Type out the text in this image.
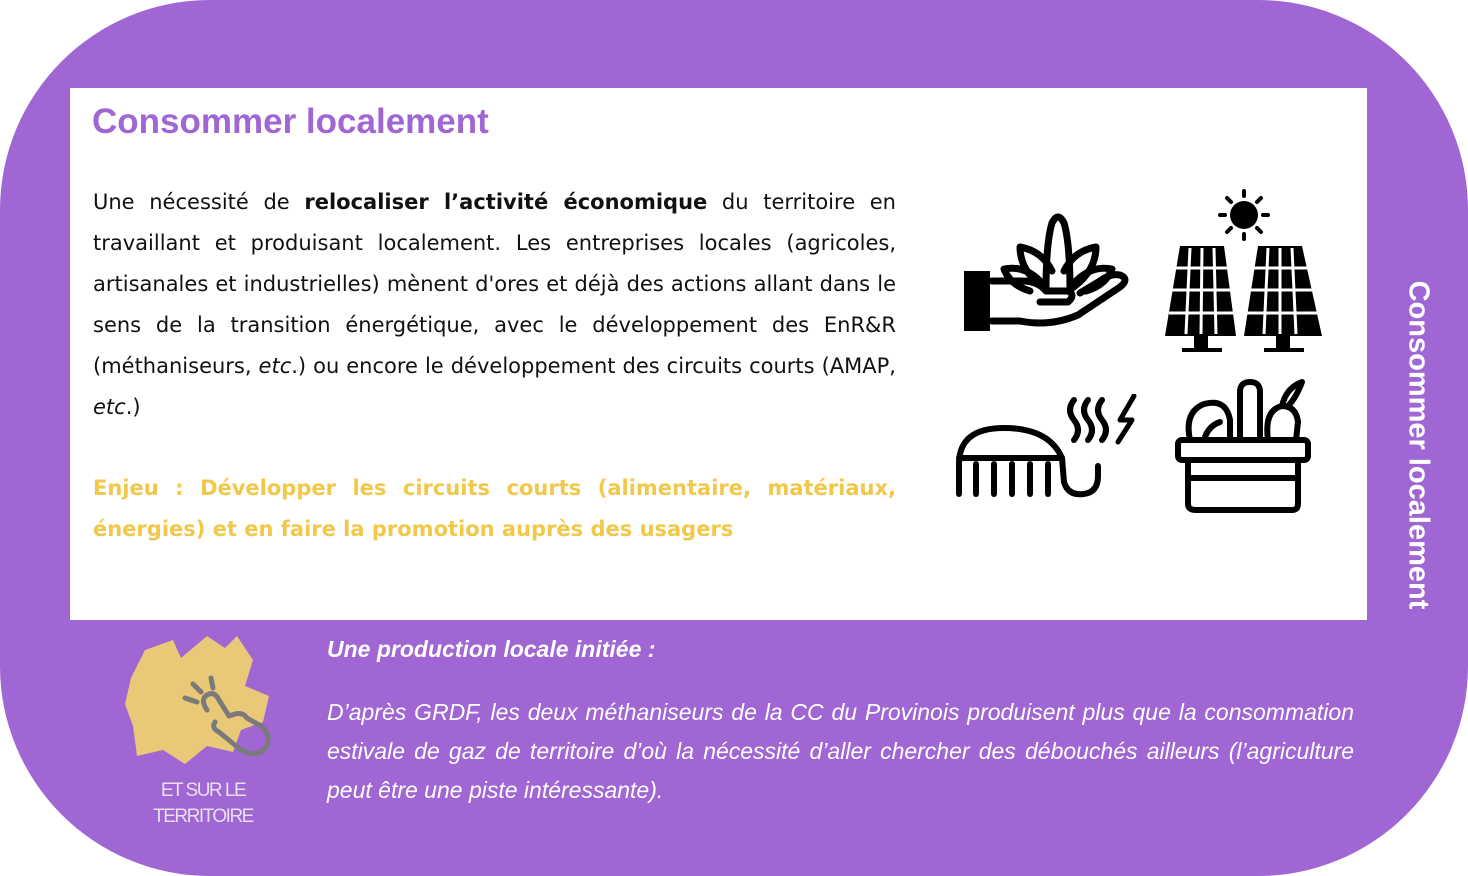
Consommer localement

Une nécessité de relocaliser l’activité économique du territoire en travaillant et produisant localement. Les entreprises locales (agricoles, artisanales et industrielles) mènent d'ores et déjà des actions allant dans le sens de la transition énergétique, avec le développement des EnR&R (méthaniseurs, etc.) ou encore le développement des circuits courts (AMAP, etc.)

Enjeu : Développer les circuits courts (alimentaire, matériaux, énergies) et en faire la promotion auprès des usagers	Consommer localement
ET SUR LE TERRITOIRE
Une production locale initiée :

D’après GRDF, les deux méthaniseurs de la CC du Provinois produisent plus que la consommation estivale de gaz de territoire d’où la nécessité d’aller chercher des débouchés ailleurs (l’agriculture peut être une piste intéressante).
